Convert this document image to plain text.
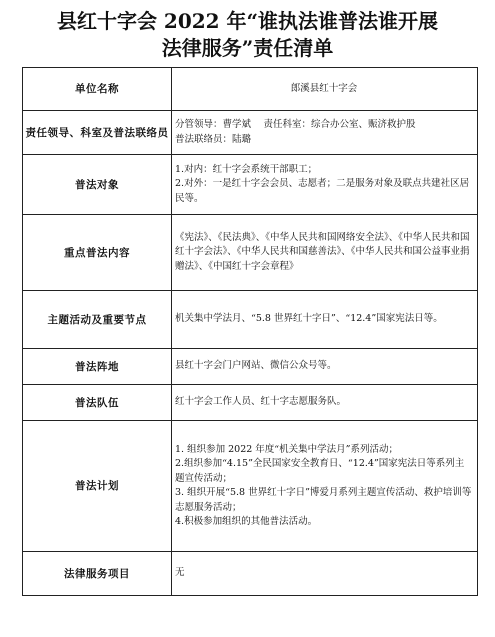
县红十字会 2022 年“谁执法谁普法谁开展
法律服务”责任清单
单位名称	郎溪县红十字会
责任领导、科室及普法联络员	分管领导：曹学斌　 责任科室：综合办公室、赈济救护股
普法联络员：陆璐

普法对象	1.对内：红十字会系统干部职工；
2.对外：一是红十字会会员、志愿者；二是服务对象及联点共建社区居民等。

重点普法内容	《宪法》、《民法典》、《中华人民共和国网络安全法》、《中华人民共和国红十字会法》、《中华人民共和国慈善法》、《中华人民共和国公益事业捐赠法》、《中国红十字会章程》
主题活动及重要节点	机关集中学法月、“5.8 世界红十字日”、“12.4”国家宪法日等。
普法阵地	县红十字会门户网站、微信公众号等。
普法队伍	红十字会工作人员、红十字志愿服务队。
普法计划	1. 组织参加 2022 年度“机关集中学法月”系列活动；
2.组织参加“4.15”全民国家安全教育日、“12.4”国家宪法日等系列主题宣传活动；
3. 组织开展“5.8 世界红十字日”博爱月系列主题宣传活动、救护培训等志愿服务活动；
4.积极参加组织的其他普法活动。

法律服务项目	无
